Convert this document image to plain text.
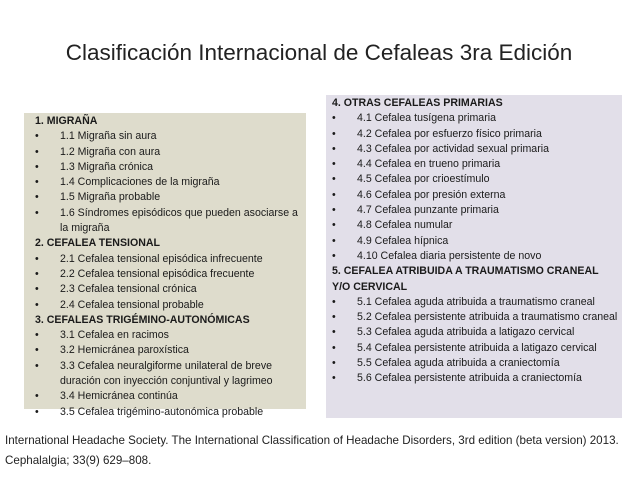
Clasificación Internacional de Cefaleas 3ra Edición
1. MIGRAÑA
•	1.1 Migraña sin aura
•	1.2 Migraña con aura
•	1.3 Migraña crónica
•	1.4 Complicaciones de la migraña
•	1.5 Migraña probable
•	1.6 Síndromes episódicos que pueden asociarse a la migraña
2. CEFALEA TENSIONAL
•	2.1 Cefalea tensional episódica infrecuente
•	2.2 Cefalea tensional episódica frecuente
•	2.3 Cefalea tensional crónica
•	2.4 Cefalea tensional probable
3. CEFALEAS TRIGÉMINO-AUTONÓMICAS
•	3.1 Cefalea en racimos
•	3.2 Hemicránea paroxística
•	3.3 Cefalea neuralgiforme unilateral de breve duración con inyección conjuntival y lagrimeo
•	3.4 Hemicránea continúa
•	3.5 Cefalea trigémino-autonómica probable
4. OTRAS CEFALEAS PRIMARIAS
•	4.1 Cefalea tusígena primaria
•	4.2 Cefalea por esfuerzo físico primaria
•	4.3 Cefalea por actividad sexual primaria
•	4.4 Cefalea en trueno primaria
•	4.5 Cefalea por crioestímulo
•	4.6 Cefalea por presión externa
•	4.7 Cefalea punzante primaria
•	4.8 Cefalea numular
•	4.9 Cefalea hípnica
•	4.10 Cefalea diaria persistente de novo
5. CEFALEA ATRIBUIDA A TRAUMATISMO CRANEAL Y/O CERVICAL
•	5.1 Cefalea aguda atribuida a traumatismo craneal
•	5.2 Cefalea persistente atribuida a traumatismo craneal
•	5.3 Cefalea aguda atribuida a latigazo cervical
•	5.4 Cefalea persistente atribuida a latigazo cervical
•	5.5 Cefalea aguda atribuida a craniectomía
•	5.6 Cefalea persistente atribuida a craniectomía
International Headache Society. The International Classification of Headache Disorders, 3rd edition (beta version) 2013.
Cephalalgia; 33(9) 629–808.
